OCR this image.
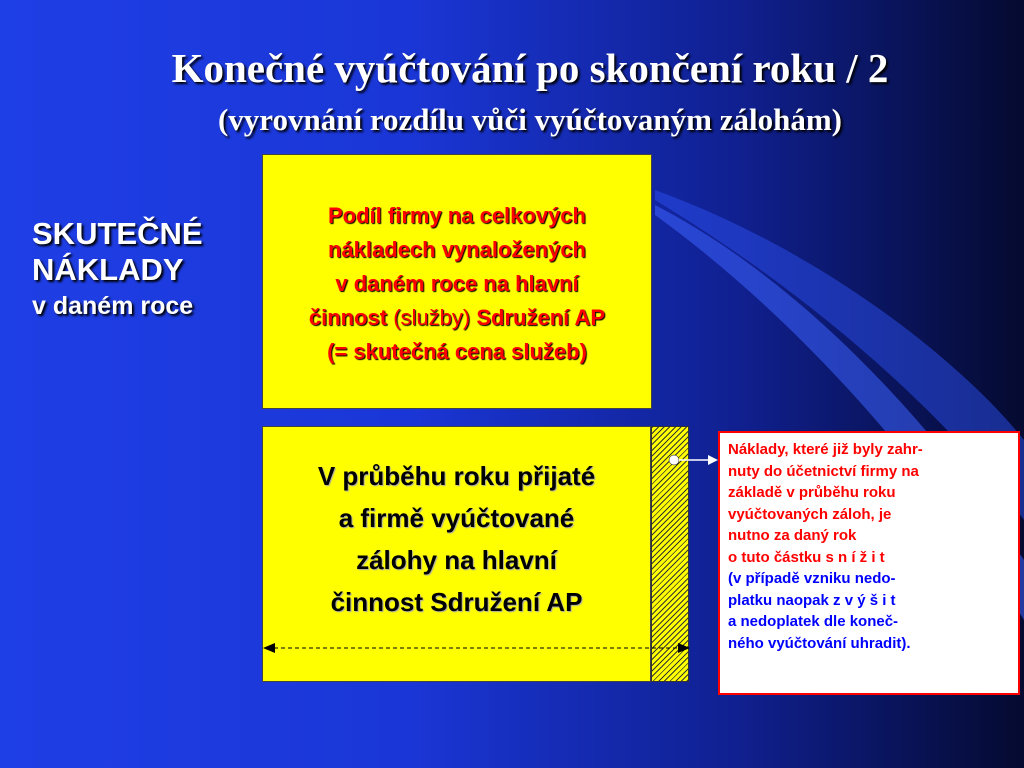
Konečné vyúčtování po skončení roku / 2
(vyrovnání rozdílu vůči vyúčtovaným zálohám)
SKUTEČNÉ
NÁKLADY
v daném roce
Podíl firmy na celkových
nákladech vynaložených
v daném roce na hlavní
činnost (služby) Sdružení AP
(= skutečná cena služeb)
V průběhu roku přijaté
a firmě vyúčtované
zálohy na hlavní
činnost Sdružení AP
Náklady, které již byly zahr-
nuty do účetnictví firmy na
základě v průběhu roku
vyúčtovaných záloh, je
nutno za daný rok
o tuto částku s n í ž i t
(v případě vzniku nedo-
platku naopak z v ý š i t
a nedoplatek dle koneč-
ného vyúčtování uhradit).
